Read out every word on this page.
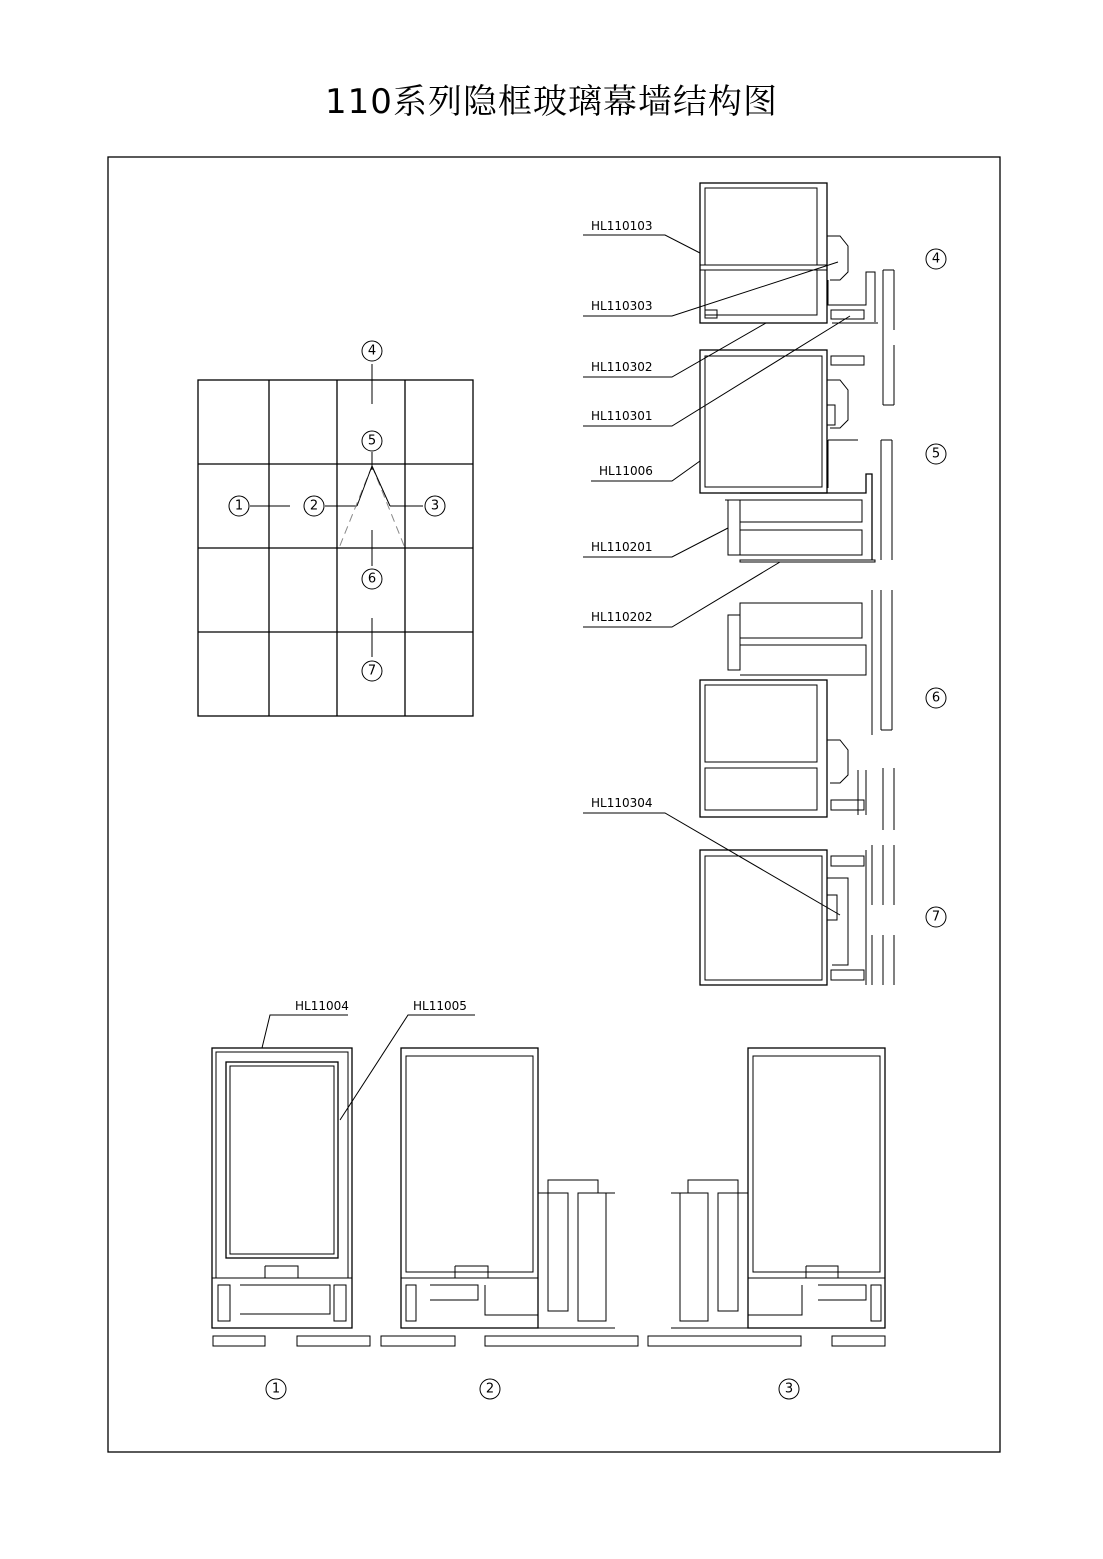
110系列隐框玻璃幕墙结构图
4
5
1	2	3
6
7
4
5
6
7
HL110103
HL110303
HL110302
HL110301
HL11006
HL110201
HL110202
HL110304
HL11004	HL11005
1	2	3
